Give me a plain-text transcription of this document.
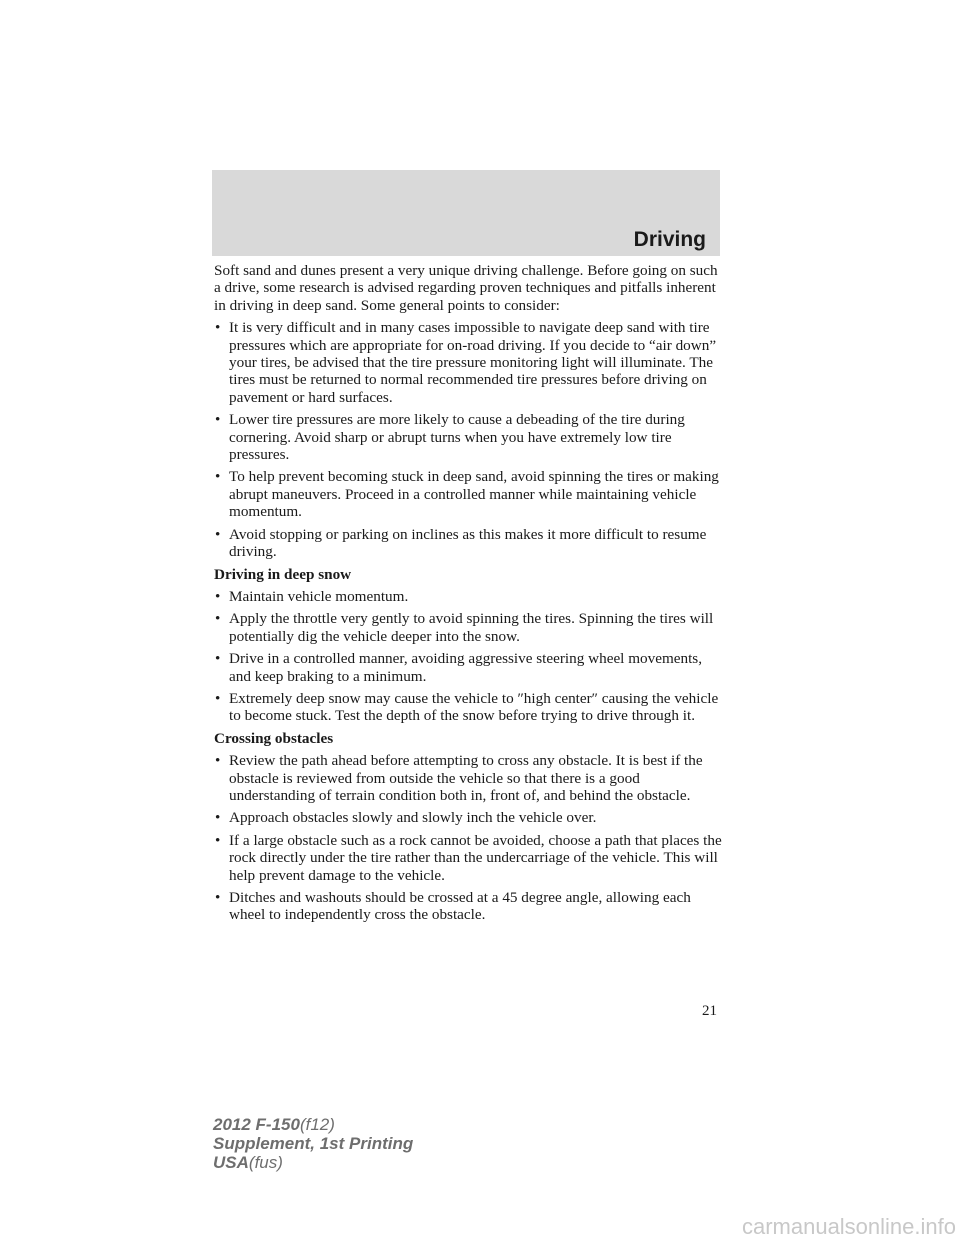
Driving

Soft sand and dunes present a very unique driving challenge. Before going on such a drive, some research is advised regarding proven techniques and pitfalls inherent in driving in deep sand. Some general points to consider:

• It is very difficult and in many cases impossible to navigate deep sand with tire pressures which are appropriate for on-road driving. If you decide to “air down” your tires, be advised that the tire pressure monitoring light will illuminate. The tires must be returned to normal recommended tire pressures before driving on pavement or hard surfaces.
• Lower tire pressures are more likely to cause a debeading of the tire during cornering. Avoid sharp or abrupt turns when you have extremely low tire pressures.
• To help prevent becoming stuck in deep sand, avoid spinning the tires or making abrupt maneuvers. Proceed in a controlled manner while maintaining vehicle momentum.
• Avoid stopping or parking on inclines as this makes it more difficult to resume driving.
Driving in deep snow
• Maintain vehicle momentum.
• Apply the throttle very gently to avoid spinning the tires. Spinning the tires will potentially dig the vehicle deeper into the snow.
• Drive in a controlled manner, avoiding aggressive steering wheel movements, and keep braking to a minimum.
• Extremely deep snow may cause the vehicle to ″high center″ causing the vehicle to become stuck. Test the depth of the snow before trying to drive through it.
Crossing obstacles
• Review the path ahead before attempting to cross any obstacle. It is best if the obstacle is reviewed from outside the vehicle so that there is a good understanding of terrain condition both in, front of, and behind the obstacle.
• Approach obstacles slowly and slowly inch the vehicle over.
• If a large obstacle such as a rock cannot be avoided, choose a path that places the rock directly under the tire rather than the undercarriage of the vehicle. This will help prevent damage to the vehicle.
• Ditches and washouts should be crossed at a 45 degree angle, allowing each wheel to independently cross the obstacle.
21
2012 F-150(f12)
Supplement, 1st Printing
USA(fus)
carmanualsonline.info
